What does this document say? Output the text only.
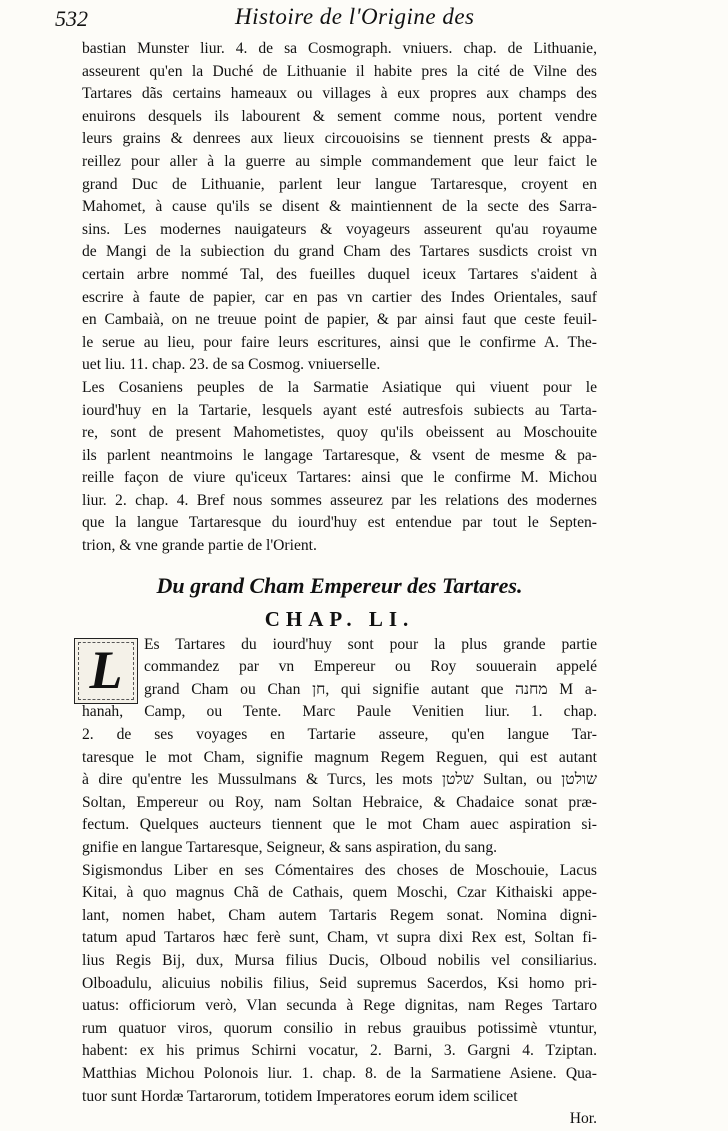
532	Histoire de l'Origine des
bastian Munster liur. 4. de sa Cosmograph. vniuers. chap. de Lithuanie,
asseurent qu'en la Duché de Lithuanie il habite pres la cité de Vilne des
Tartares dãs certains hameaux ou villages à eux propres aux champs des
enuirons desquels ils labourent & sement comme nous, portent vendre
leurs grains & denrees aux lieux circouoisins se tiennent prests & appa-
reillez pour aller à la guerre au simple commandement que leur faict le
grand Duc de Lithuanie, parlent leur langue Tartaresque, croyent en
Mahomet, à cause qu'ils se disent & maintiennent de la secte des Sarra-
sins. Les modernes nauigateurs & voyageurs asseurent qu'au royaume
de Mangi de la subiection du grand Cham des Tartares susdicts croist vn
certain arbre nommé Tal, des fueilles duquel iceux Tartares s'aident à
escrire à faute de papier, car en pas vn cartier des Indes Orientales, sauf
en Cambaià, on ne treuue point de papier, & par ainsi faut que ceste feuil-
le serue au lieu, pour faire leurs escritures, ainsi que le confirme A. The-
uet liu. 11. chap. 23. de sa Cosmog. vniuerselle.
Les Cosaniens peuples de la Sarmatie Asiatique qui viuent pour le
iourd'huy en la Tartarie, lesquels ayant esté autresfois subiects au Tarta-
re, sont de present Mahometistes, quoy qu'ils obeissent au Moschouite
ils parlent neantmoins le langage Tartaresque, & vsent de mesme & pa-
reille façon de viure qu'iceux Tartares: ainsi que le confirme M. Michou
liur. 2. chap. 4. Bref nous sommes asseurez par les relations des modernes
que la langue Tartaresque du iourd'huy est entendue par tout le Septen-
trion, & vne grande partie de l'Orient.
Du grand Cham Empereur des Tartares.
CHAP. LI.
L	Es Tartares du iourd'huy sont pour la plus grande partie
commandez par vn Empereur ou Roy souuerain appelé
grand Cham ou Chan חן, qui signifie autant que מחנה M a-
hanah, Camp, ou Tente. Marc Paule Venitien liur. 1. chap.
2. de ses voyages en Tartarie asseure, qu'en langue Tar-
taresque le mot Cham, signifie magnum Regem Reguen, qui est autant
à dire qu'entre les Mussulmans & Turcs, les mots שלטן Sultan, ou שולטן
Soltan, Empereur ou Roy, nam Soltan Hebraice, & Chadaice sonat præ-
fectum. Quelques aucteurs tiennent que le mot Cham auec aspiration si-
gnifie en langue Tartaresque, Seigneur, & sans aspiration, du sang.
Sigismondus Liber en ses Cómentaires des choses de Moschouie, Lacus
Kitai, à quo magnus Chã de Cathais, quem Moschi, Czar Kithaiski appe-
lant, nomen habet, Cham autem Tartaris Regem sonat. Nomina digni-
tatum apud Tartaros hæc ferè sunt, Cham, vt supra dixi Rex est, Soltan fi-
lius Regis Bij, dux, Mursa filius Ducis, Olboud nobilis vel consiliarius.
Olboadulu, alicuius nobilis filius, Seid supremus Sacerdos, Ksi homo pri-
uatus: officiorum verò, Vlan secunda à Rege dignitas, nam Reges Tartaro
rum quatuor viros, quorum consilio in rebus grauibus potissimè vtuntur,
habent: ex his primus Schirni vocatur, 2. Barni, 3. Gargni 4. Tziptan.
Matthias Michou Polonois liur. 1. chap. 8. de la Sarmatiene Asiene. Qua-
tuor sunt Hordæ Tartarorum, totidem Imperatores eorum idem scilicet
Hor.
